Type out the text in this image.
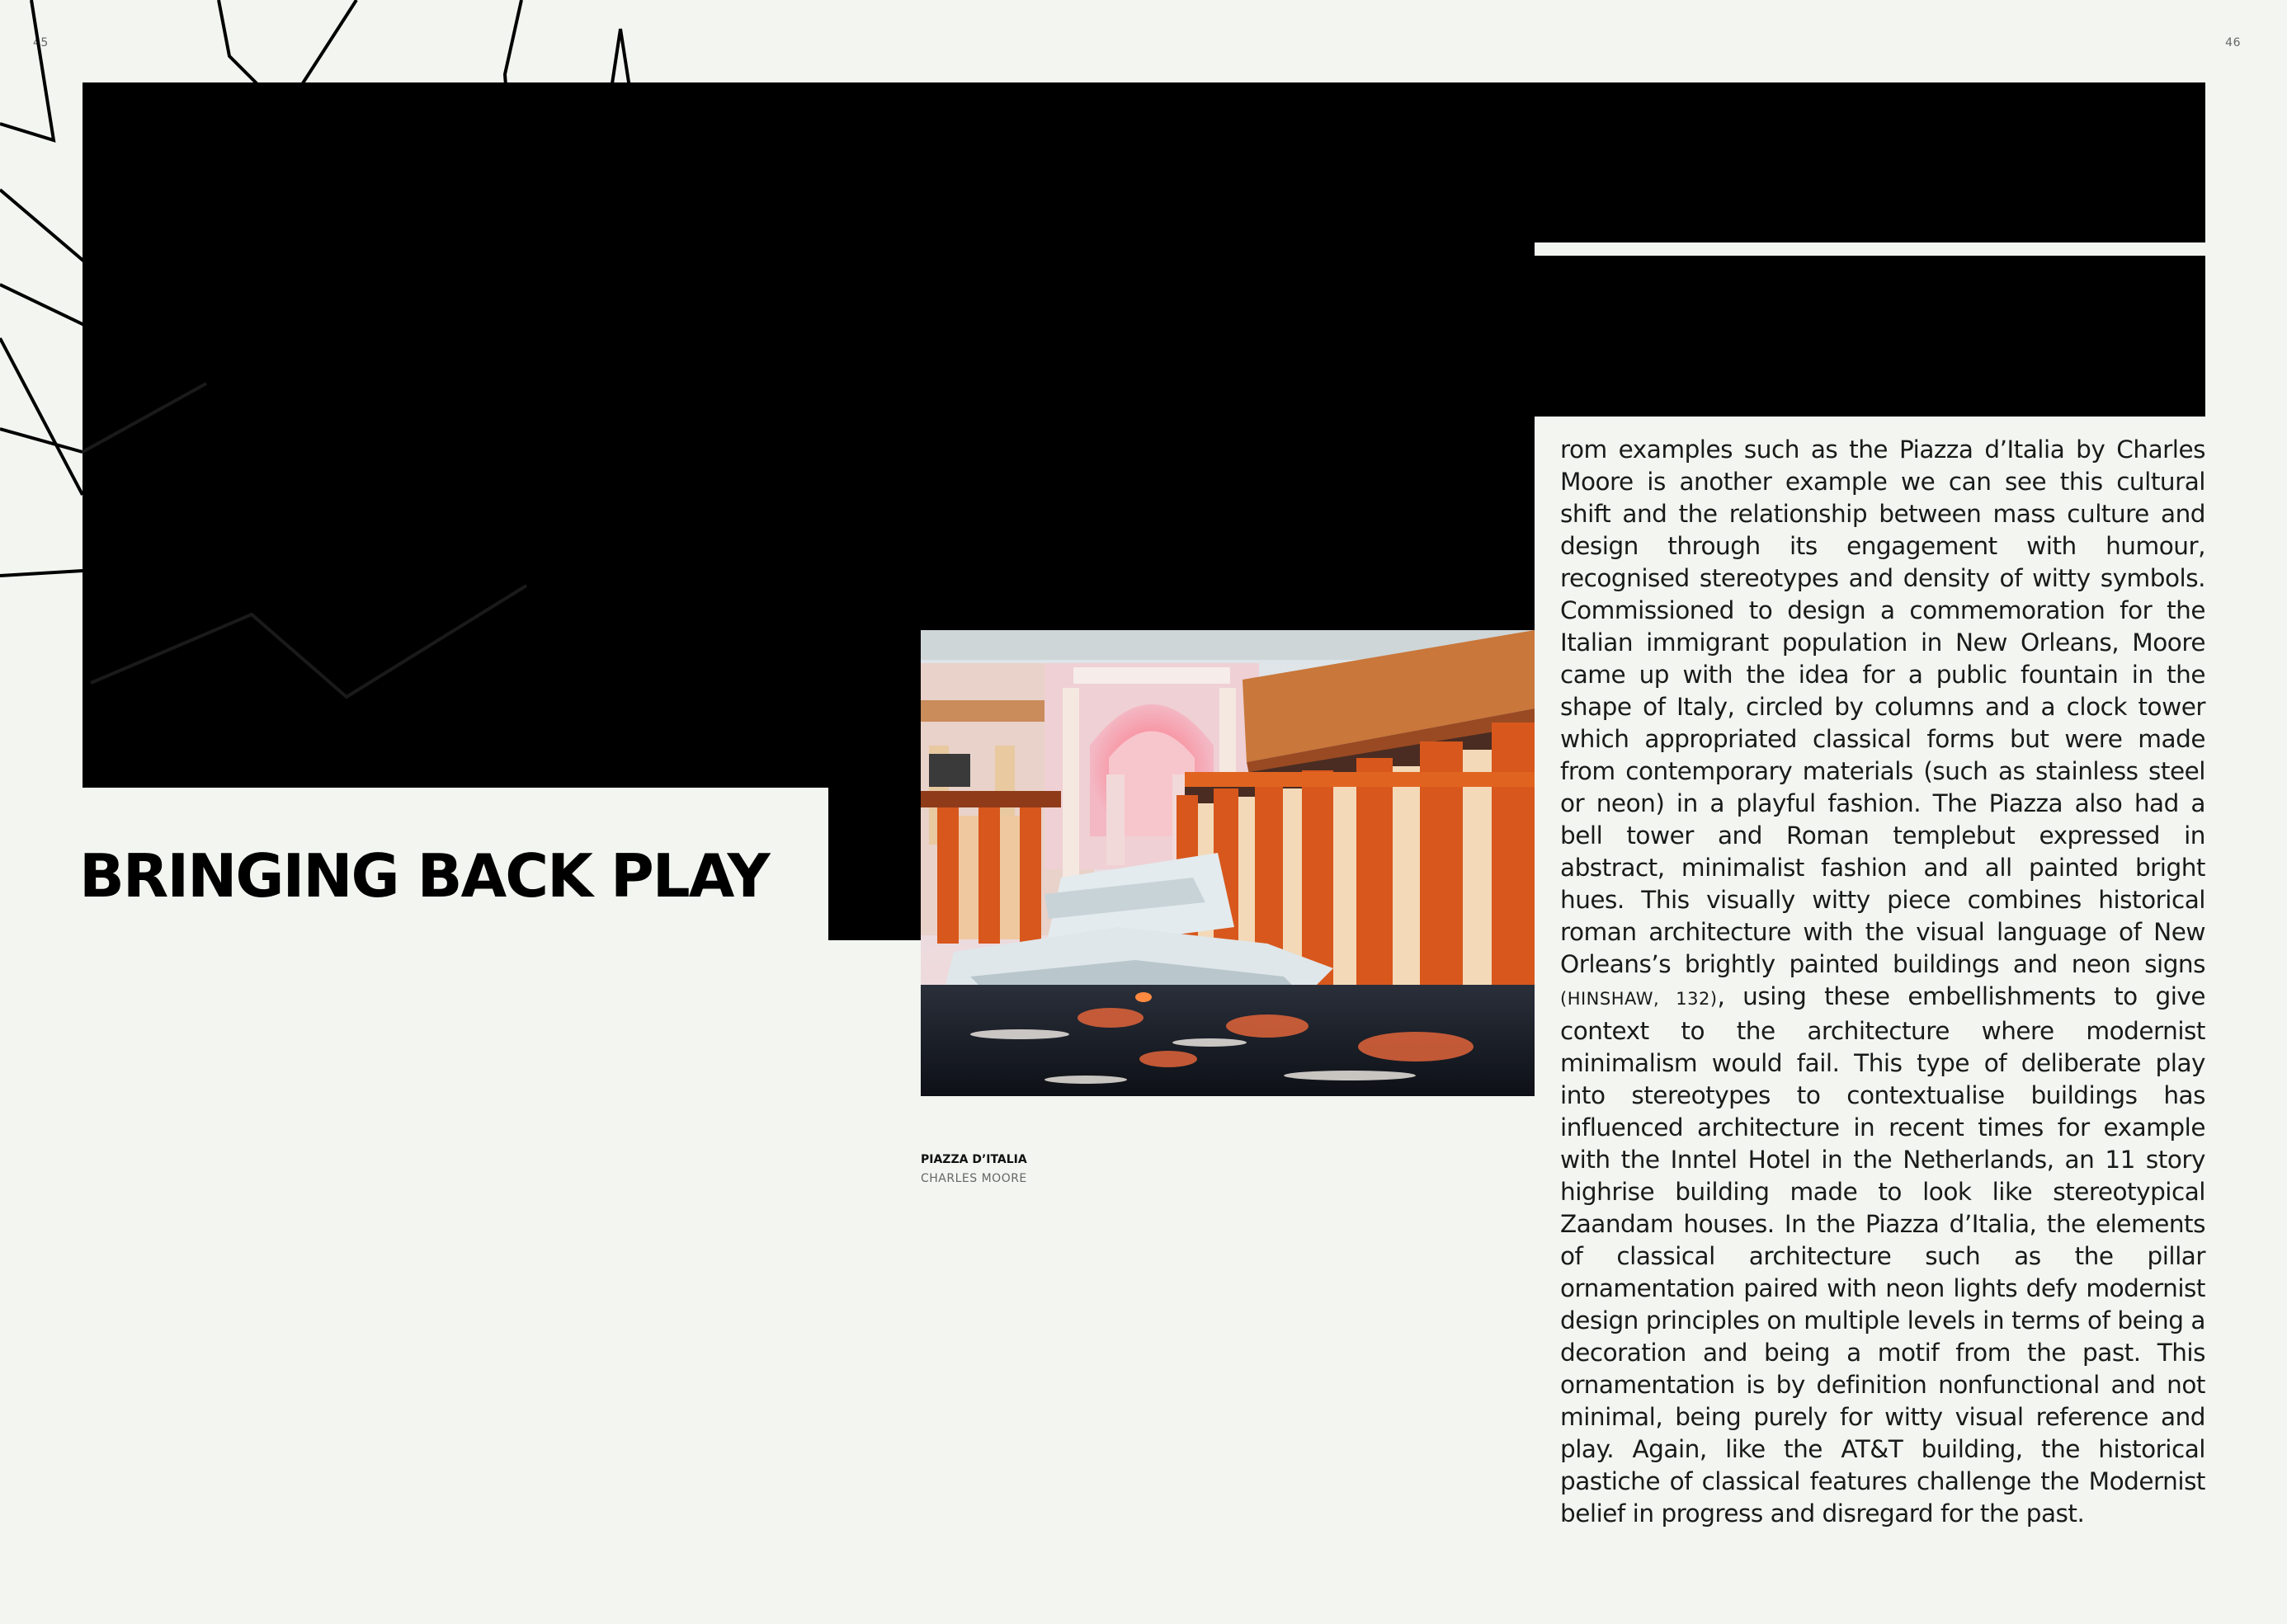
45	46
BRINGING BACK PLAY
PIAZZA D’ITALIA
CHARLES MOORE

rom examples such as the Piazza d’Italia by Charles Moore is another example we can see this cultural shift and the relationship between mass culture and design through its engagement with humour, recognised stereotypes and density of witty symbols. Commissioned to design a commemoration for the Italian immigrant population in New Orleans, Moore came up with the idea for a public fountain in the shape of Italy, circled by columns and a clock tower which appropriated classical forms but were made from contemporary materials (such as stainless steel or neon) in a playful fashion. The Piazza also had a bell tower and Roman templebut expressed in abstract, minimalist fashion and all painted bright hues. This visually witty piece combines historical roman architecture with the visual language of New Orleans’s brightly painted buildings and neon signs (HINSHAW, 132), using these embellishments to give context to the architecture where modernist minimalism would fail. This type of deliberate play into stereotypes to contextualise buildings has influenced architecture in recent times for example with the Inntel Hotel in the Netherlands, an 11 story highrise building made to look like stereotypical Zaandam houses. In the Piazza d’Italia, the elements of classical architecture such as the pillar ornamentation paired with neon lights defy modernist design principles on multiple levels in terms of being a decoration and being a motif from the past. This ornamentation is by definition nonfunctional and not minimal, being purely for witty visual reference and play. Again, like the AT&T building, the historical pastiche of classical features challenge the Modernist belief in progress and disregard for the past.
